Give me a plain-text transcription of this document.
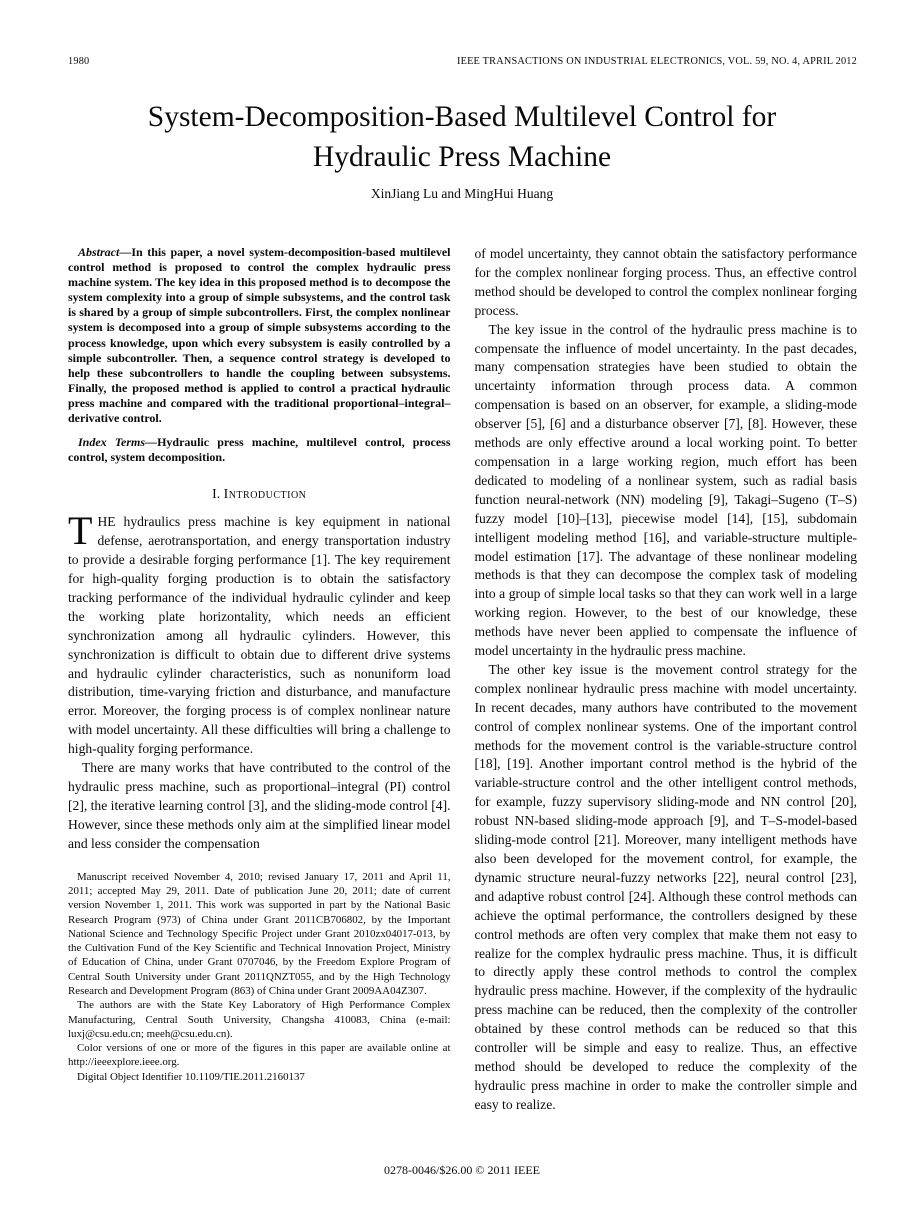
1980	IEEE TRANSACTIONS ON INDUSTRIAL ELECTRONICS, VOL. 59, NO. 4, APRIL 2012
System-Decomposition-Based Multilevel Control for
Hydraulic Press Machine
XinJiang Lu and MingHui Huang

Abstract—In this paper, a novel system-decomposition-based multilevel control method is proposed to control the complex hydraulic press machine system. The key idea in this proposed method is to decompose the system complexity into a group of simple subsystems, and the control task is shared by a group of simple subcontrollers. First, the complex nonlinear system is decomposed into a group of simple subsystems according to the process knowledge, upon which every subsystem is easily controlled by a simple subcontroller. Then, a sequence control strategy is developed to help these subcontrollers to handle the coupling between subsystems. Finally, the proposed method is applied to control a practical hydraulic press machine and compared with the traditional proportional–integral–derivative control.

Index Terms—Hydraulic press machine, multilevel control, process control, system decomposition.

I. Introduction

THE hydraulics press machine is key equipment in national defense, aerotransportation, and energy transportation industry to provide a desirable forging performance [1]. The key requirement for high-quality forging production is to obtain the satisfactory tracking performance of the individual hydraulic cylinder and keep the working plate horizontality, which needs an efficient synchronization among all hydraulic cylinders. However, this synchronization is difficult to obtain due to different drive systems and hydraulic cylinder characteristics, such as nonuniform load distribution, time-varying friction and disturbance, and manufacture error. Moreover, the forging process is of complex nonlinear nature with model uncertainty. All these difficulties will bring a challenge to high-quality forging performance.

There are many works that have contributed to the control of the hydraulic press machine, such as proportional–integral (PI) control [2], the iterative learning control [3], and the sliding-mode control [4]. However, since these methods only aim at the simplified linear model and less consider the compensation

Manuscript received November 4, 2010; revised January 17, 2011 and April 11, 2011; accepted May 29, 2011. Date of publication June 20, 2011; date of current version November 1, 2011. This work was supported in part by the National Basic Research Program (973) of China under Grant 2011CB706802, by the Important National Science and Technology Specific Project under Grant 2010zx04017-013, by the Cultivation Fund of the Key Scientific and Technical Innovation Project, Ministry of Education of China, under Grant 0707046, by the Freedom Explore Program of Central South University under Grant 2011QNZT055, and by the High Technology Research and Development Program (863) of China under Grant 2009AA04Z307.

The authors are with the State Key Laboratory of High Performance Complex Manufacturing, Central South University, Changsha 410083, China (e-mail: luxj@csu.edu.cn; meeh@csu.edu.cn).

Color versions of one or more of the figures in this paper are available online at http://ieeexplore.ieee.org.

Digital Object Identifier 10.1109/TIE.2011.2160137

of model uncertainty, they cannot obtain the satisfactory performance for the complex nonlinear forging process. Thus, an effective control method should be developed to control the complex nonlinear forging process.

The key issue in the control of the hydraulic press machine is to compensate the influence of model uncertainty. In the past decades, many compensation strategies have been studied to obtain the uncertainty information through process data. A common compensation is based on an observer, for example, a sliding-mode observer [5], [6] and a disturbance observer [7], [8]. However, these methods are only effective around a local working point. To better compensation in a large working region, much effort has been dedicated to modeling of a nonlinear system, such as radial basis function neural-network (NN) modeling [9], Takagi–Sugeno (T–S) fuzzy model [10]–[13], piecewise model [14], [15], subdomain intelligent modeling method [16], and variable-structure multiple-model estimation [17]. The advantage of these nonlinear modeling methods is that they can decompose the complex task of modeling into a group of simple local tasks so that they can work well in a large working region. However, to the best of our knowledge, these methods have never been applied to compensate the influence of model uncertainty in the hydraulic press machine.

The other key issue is the movement control strategy for the complex nonlinear hydraulic press machine with model uncertainty. In recent decades, many authors have contributed to the movement control of complex nonlinear systems. One of the important control methods for the movement control is the variable-structure control [18], [19]. Another important control method is the hybrid of the variable-structure control and the other intelligent control methods, for example, fuzzy supervisory sliding-mode and NN control [20], robust NN-based sliding-mode approach [9], and T–S-model-based sliding-mode control [21]. Moreover, many intelligent methods have also been developed for the movement control, for example, the dynamic structure neural-fuzzy networks [22], neural control [23], and adaptive robust control [24]. Although these control methods can achieve the optimal performance, the controllers designed by these control methods are often very complex that make them not easy to realize for the complex hydraulic press machine. Thus, it is difficult to directly apply these control methods to control the complex hydraulic press machine. However, if the complexity of the hydraulic press machine can be reduced, then the complexity of the controller obtained by these control methods can be reduced so that this controller will be simple and easy to realize. Thus, an effective method should be developed to reduce the complexity of the hydraulic press machine in order to make the controller simple and easy to realize.

0278-0046/$26.00 © 2011 IEEE
